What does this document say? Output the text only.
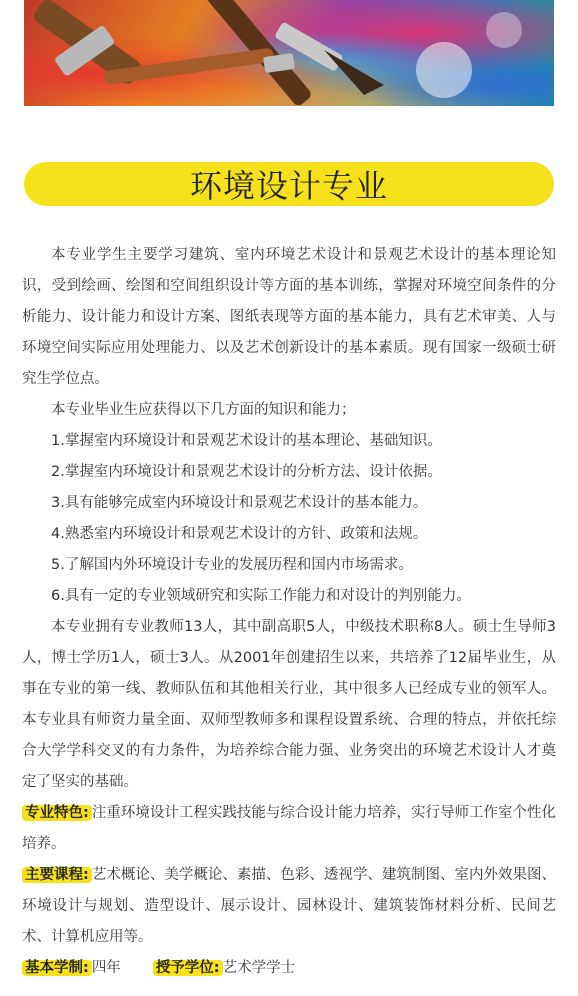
环境设计专业

本专业学生主要学习建筑、室内环境艺术设计和景观艺术设计的基本理论知识，受到绘画、绘图和空间组织设计等方面的基本训练，掌握对环境空间条件的分析能力、设计能力和设计方案、图纸表现等方面的基本能力，具有艺术审美、人与环境空间实际应用处理能力、以及艺术创新设计的基本素质。现有国家一级硕士研究生学位点。

本专业毕业生应获得以下几方面的知识和能力；

1.掌握室内环境设计和景观艺术设计的基本理论、基础知识。

2.掌握室内环境设计和景观艺术设计的分析方法、设计依据。

3.具有能够完成室内环境设计和景观艺术设计的基本能力。

4.熟悉室内环境设计和景观艺术设计的方针、政策和法规。

5.了解国内外环境设计专业的发展历程和国内市场需求。

6.具有一定的专业领域研究和实际工作能力和对设计的判别能力。

本专业拥有专业教师13人，其中副高职5人，中级技术职称8人。硕士生导师3人，博士学历1人，硕士3人。从2001年创建招生以来，共培养了12届毕业生，从事在专业的第一线、教师队伍和其他相关行业，其中很多人已经成专业的领军人。本专业具有师资力量全面、双师型教师多和课程设置系统、合理的特点，并依托综合大学学科交叉的有力条件，为培养综合能力强、业务突出的环境艺术设计人才奠定了坚实的基础。

专业特色: 注重环境设计工程实践技能与综合设计能力培养，实行导师工作室个性化培养。

主要课程: 艺术概论、美学概论、素描、色彩、透视学、建筑制图、室内外效果图、环境设计与规划、造型设计、展示设计、园林设计、建筑装饰材料分析、民间艺术、计算机应用等。

基本学制: 四年 授予学位: 艺术学学士
